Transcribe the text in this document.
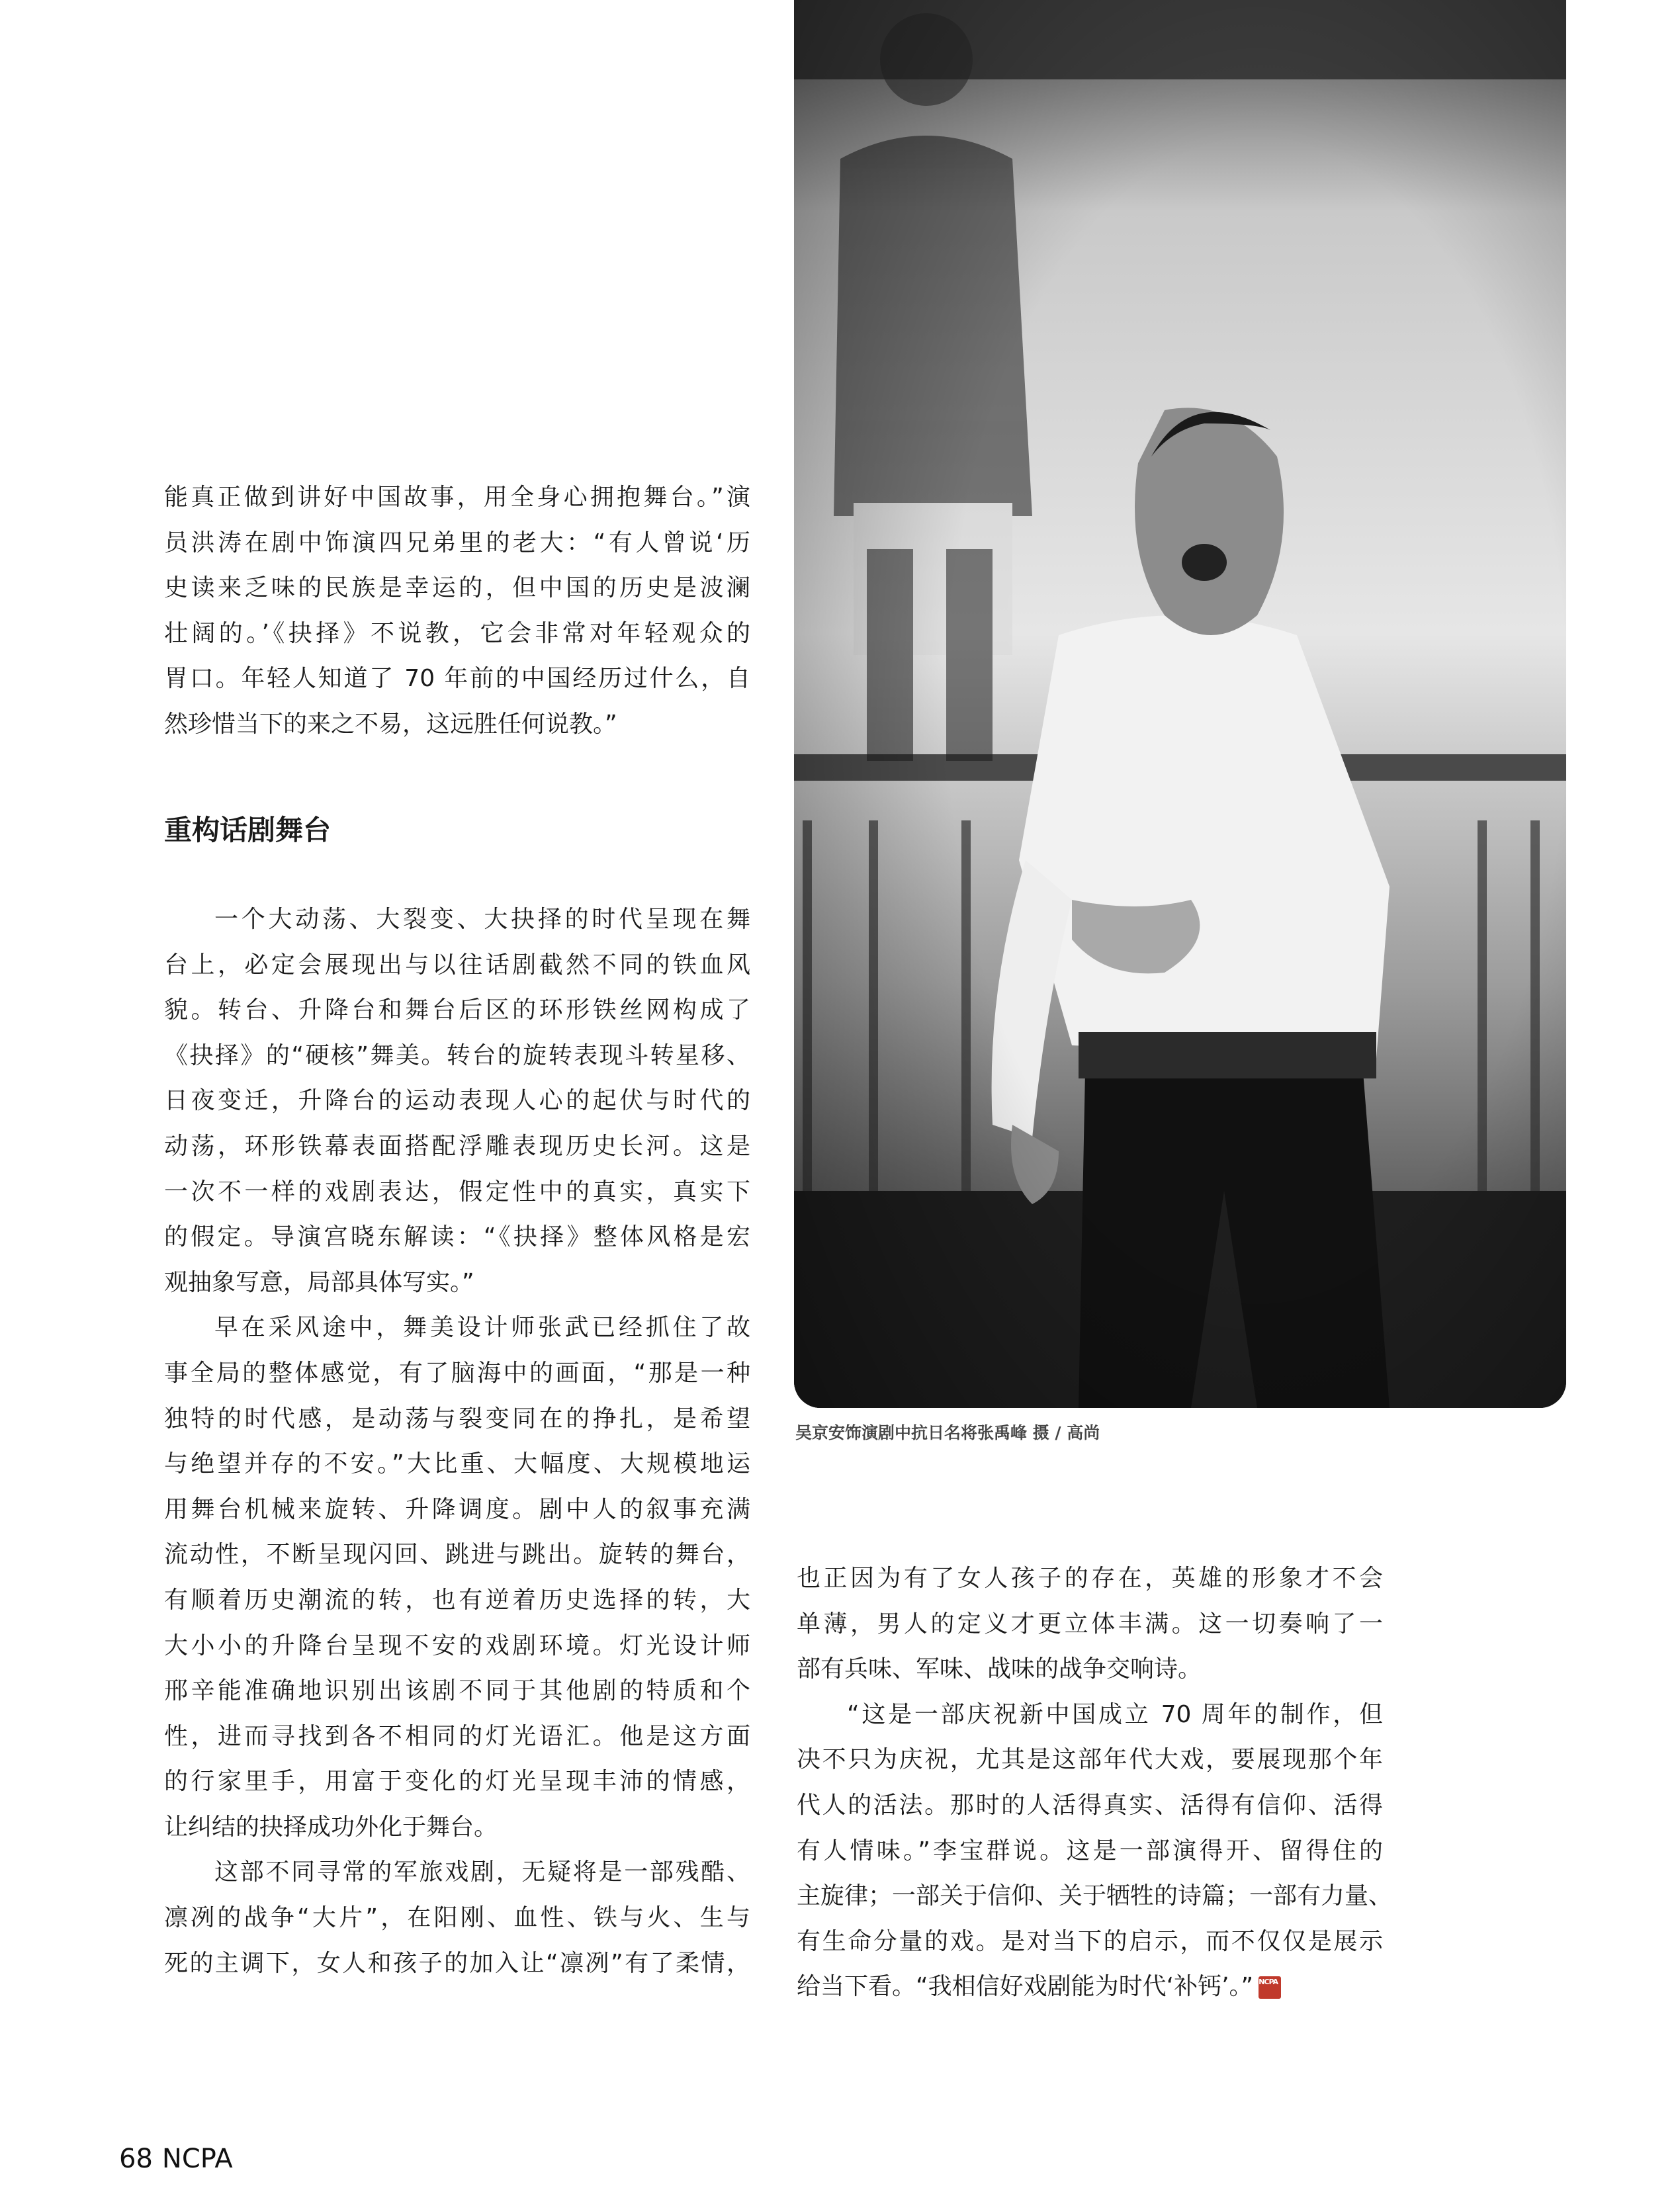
能真正做到讲好中国故事，用全身心拥抱舞台。”演

员洪涛在剧中饰演四兄弟里的老大：“有人曾说‘历

史读来乏味的民族是幸运的，但中国的历史是波澜

壮阔的。’《抉择》不说教，它会非常对年轻观众的

胃口。年轻人知道了 70 年前的中国经历过什么，自

然珍惜当下的来之不易，这远胜任何说教。”

重构话剧舞台

一个大动荡、大裂变、大抉择的时代呈现在舞

台上，必定会展现出与以往话剧截然不同的铁血风

貌。转台、升降台和舞台后区的环形铁丝网构成了

《抉择》的“硬核”舞美。转台的旋转表现斗转星移、

日夜变迁，升降台的运动表现人心的起伏与时代的

动荡，环形铁幕表面搭配浮雕表现历史长河。这是

一次不一样的戏剧表达，假定性中的真实，真实下

的假定。导演宫晓东解读：“《抉择》整体风格是宏

观抽象写意，局部具体写实。”

早在采风途中，舞美设计师张武已经抓住了故

事全局的整体感觉，有了脑海中的画面，“那是一种

独特的时代感，是动荡与裂变同在的挣扎，是希望

与绝望并存的不安。”大比重、大幅度、大规模地运

用舞台机械来旋转、升降调度。剧中人的叙事充满

流动性，不断呈现闪回、跳进与跳出。旋转的舞台，

有顺着历史潮流的转，也有逆着历史选择的转，大

大小小的升降台呈现不安的戏剧环境。灯光设计师

邢辛能准确地识别出该剧不同于其他剧的特质和个

性，进而寻找到各不相同的灯光语汇。他是这方面

的行家里手，用富于变化的灯光呈现丰沛的情感，

让纠结的抉择成功外化于舞台。

这部不同寻常的军旅戏剧，无疑将是一部残酷、

凛冽的战争“大片”，在阳刚、血性、铁与火、生与

死的主调下，女人和孩子的加入让“凛冽”有了柔情，

吴京安饰演剧中抗日名将张禹峰 摄 / 高尚

也正因为有了女人孩子的存在，英雄的形象才不会

单薄，男人的定义才更立体丰满。这一切奏响了一

部有兵味、军味、战味的战争交响诗。

“这是一部庆祝新中国成立 70 周年的制作，但

决不只为庆祝，尤其是这部年代大戏，要展现那个年

代人的活法。那时的人活得真实、活得有信仰、活得

有人情味。”李宝群说。这是一部演得开、留得住的

主旋律；一部关于信仰、关于牺牲的诗篇；一部有力量、

有生命分量的戏。是对当下的启示，而不仅仅是展示

给当下看。“我相信好戏剧能为时代‘补钙’。” NCPA

68 NCPA
